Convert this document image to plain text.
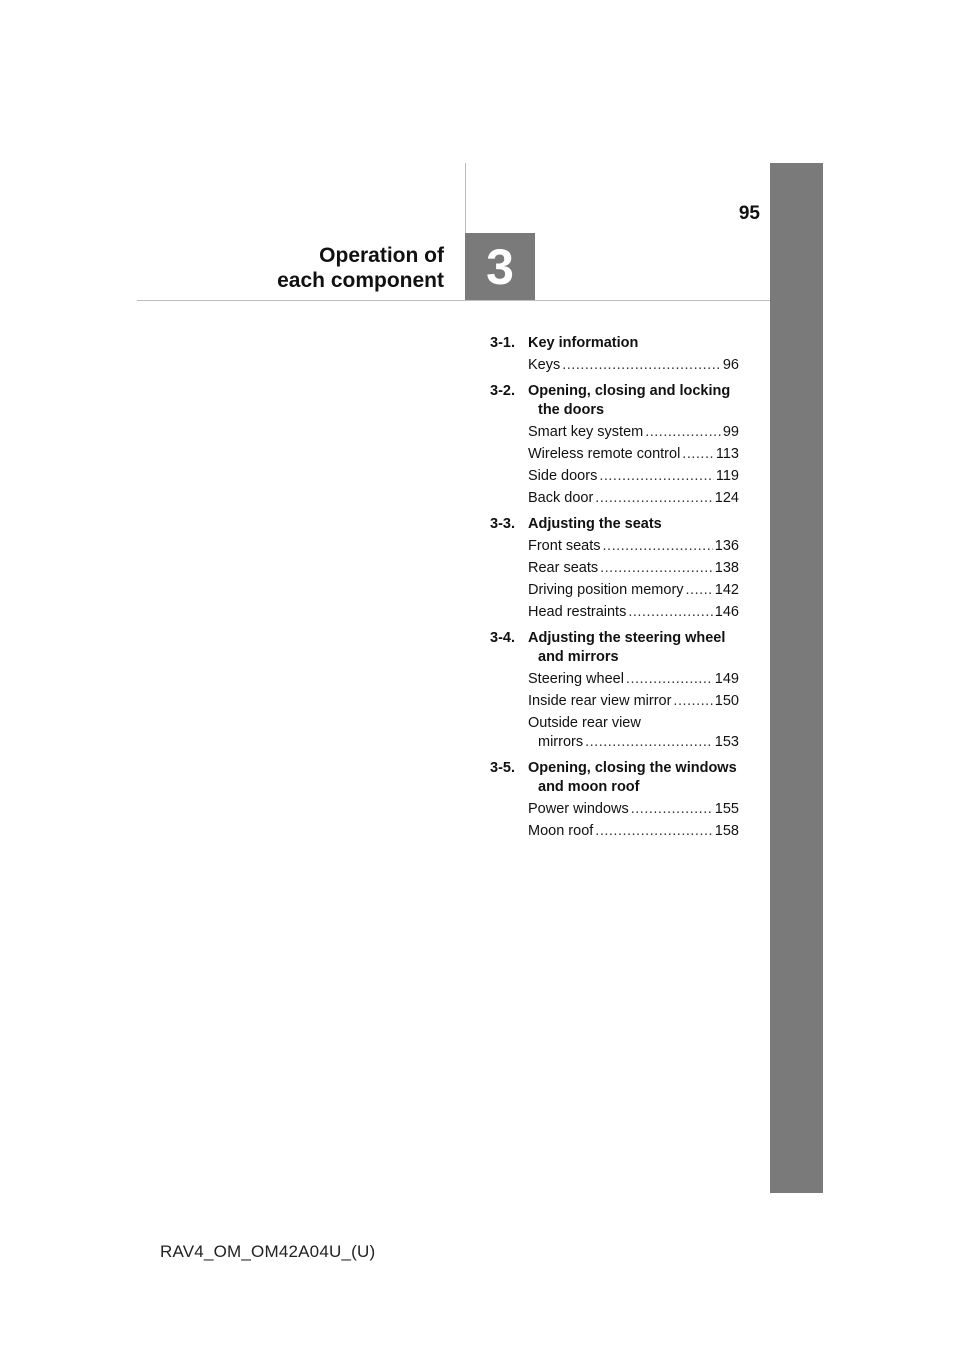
95
Operation of
each component 3
3-1. Key information
Keys .....	96
3-2. Opening, closing and locking the doors
Smart key system .....	99
Wireless remote control ..... 113
Side doors .....	119
Back door .....	124
3-3. Adjusting the seats
Front seats .....	136
Rear seats .....	138
Driving position memory ..... 142
Head restraints .....	146
3-4. Adjusting the steering wheel and mirrors
Steering wheel .....	149
Inside rear view mirror .....	150
Outside rear view
mirrors .....	153
3-5. Opening, closing the windows and moon roof
Power windows .....	155
Moon roof .....	158
RAV4_OM_OM42A04U_(U)
